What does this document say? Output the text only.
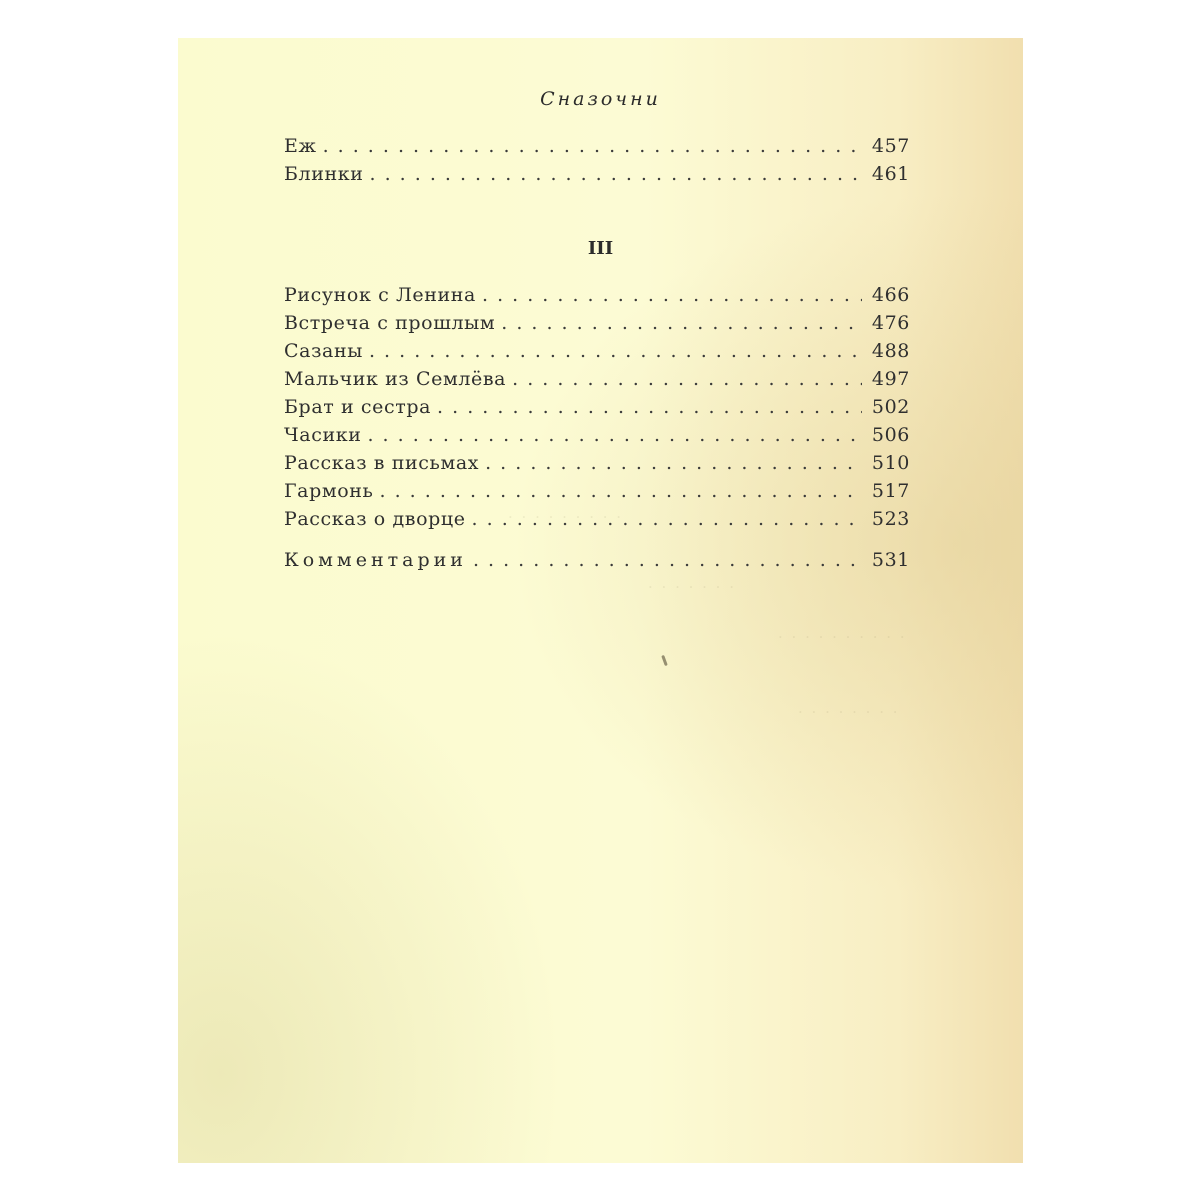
· · · · · · · · ·
· · · · · · ·
· · · · · · · · · ·
· · · · · · · ·
Сназочни
Еж . . .	457
Блинки . . .	461
III
Рисунок с Ленина . . .	466
Встреча с прошлым . . .	476
Сазаны . . .	488
Мальчик из Семлёва . . .	497
Брат и сестра . . .	502
Часики . . .	506
Рассказ в письмах . . .	510
Гармонь . . .	517
Рассказ о дворце . . .	523
Комментарии . . .	531
